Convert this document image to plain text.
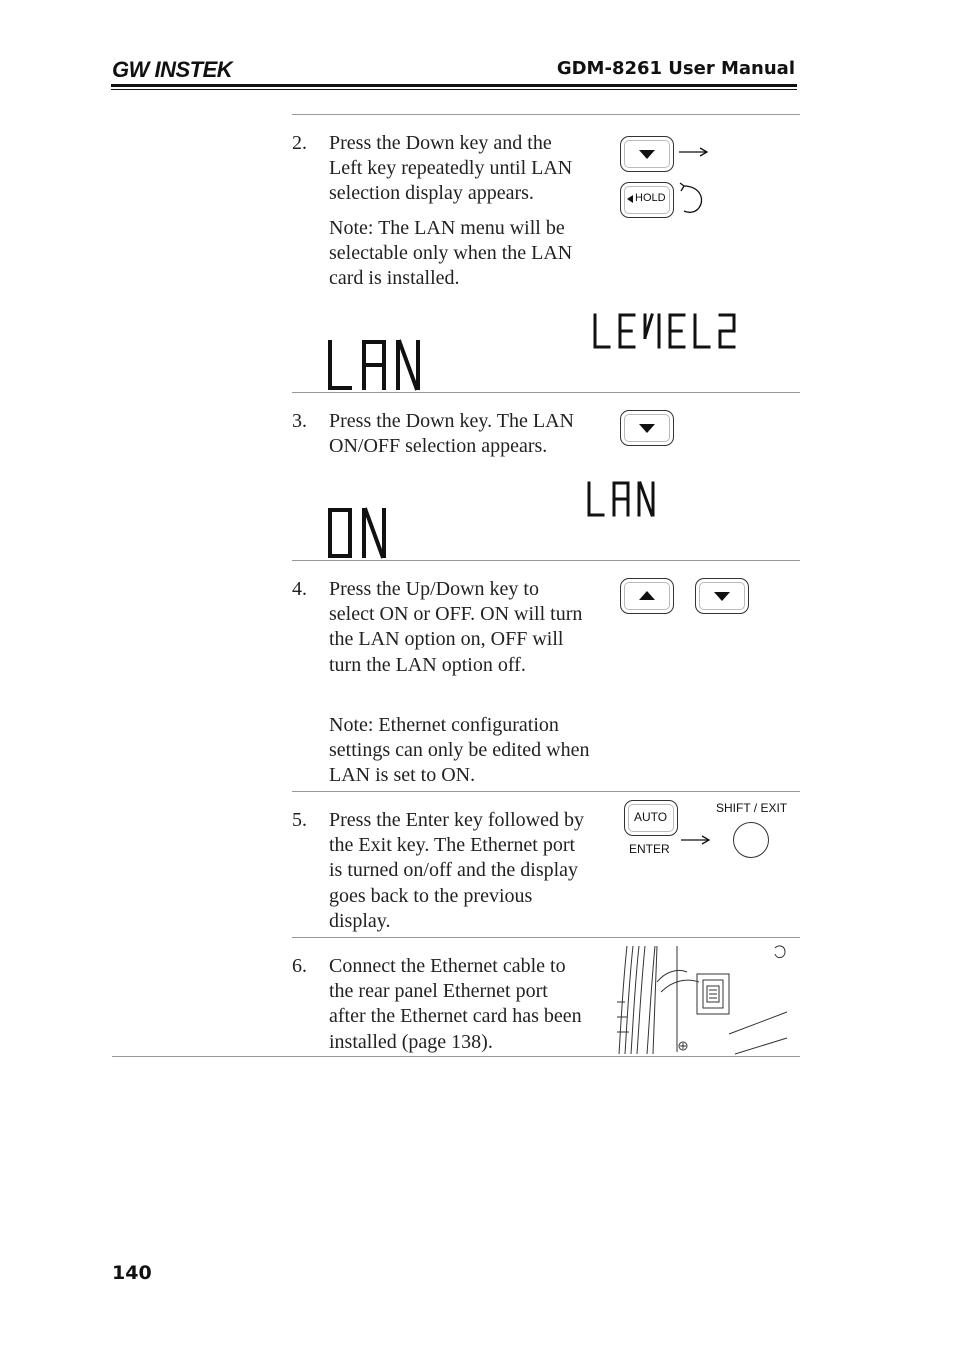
GW INSTEK	GDM-8261 User Manual
2. Press the Down key and the
Left key repeatedly until LAN
selection display appears.
Note: The LAN menu will be
selectable only when the LAN
card is installed.
HOLD
3. Press the Down key. The LAN
ON/OFF selection appears.
4. Press the Up/Down key to
select ON or OFF. ON will turn
the LAN option on, OFF will
turn the LAN option off.
Note: Ethernet configuration
settings can only be edited when
LAN is set to ON.
5. Press the Enter key followed by
the Exit key. The Ethernet port
is turned on/off and the display
goes back to the previous
display.
AUTO
ENTER
SHIFT / EXIT
6. Connect the Ethernet cable to
the rear panel Ethernet port
after the Ethernet card has been
installed (page 138).
140
